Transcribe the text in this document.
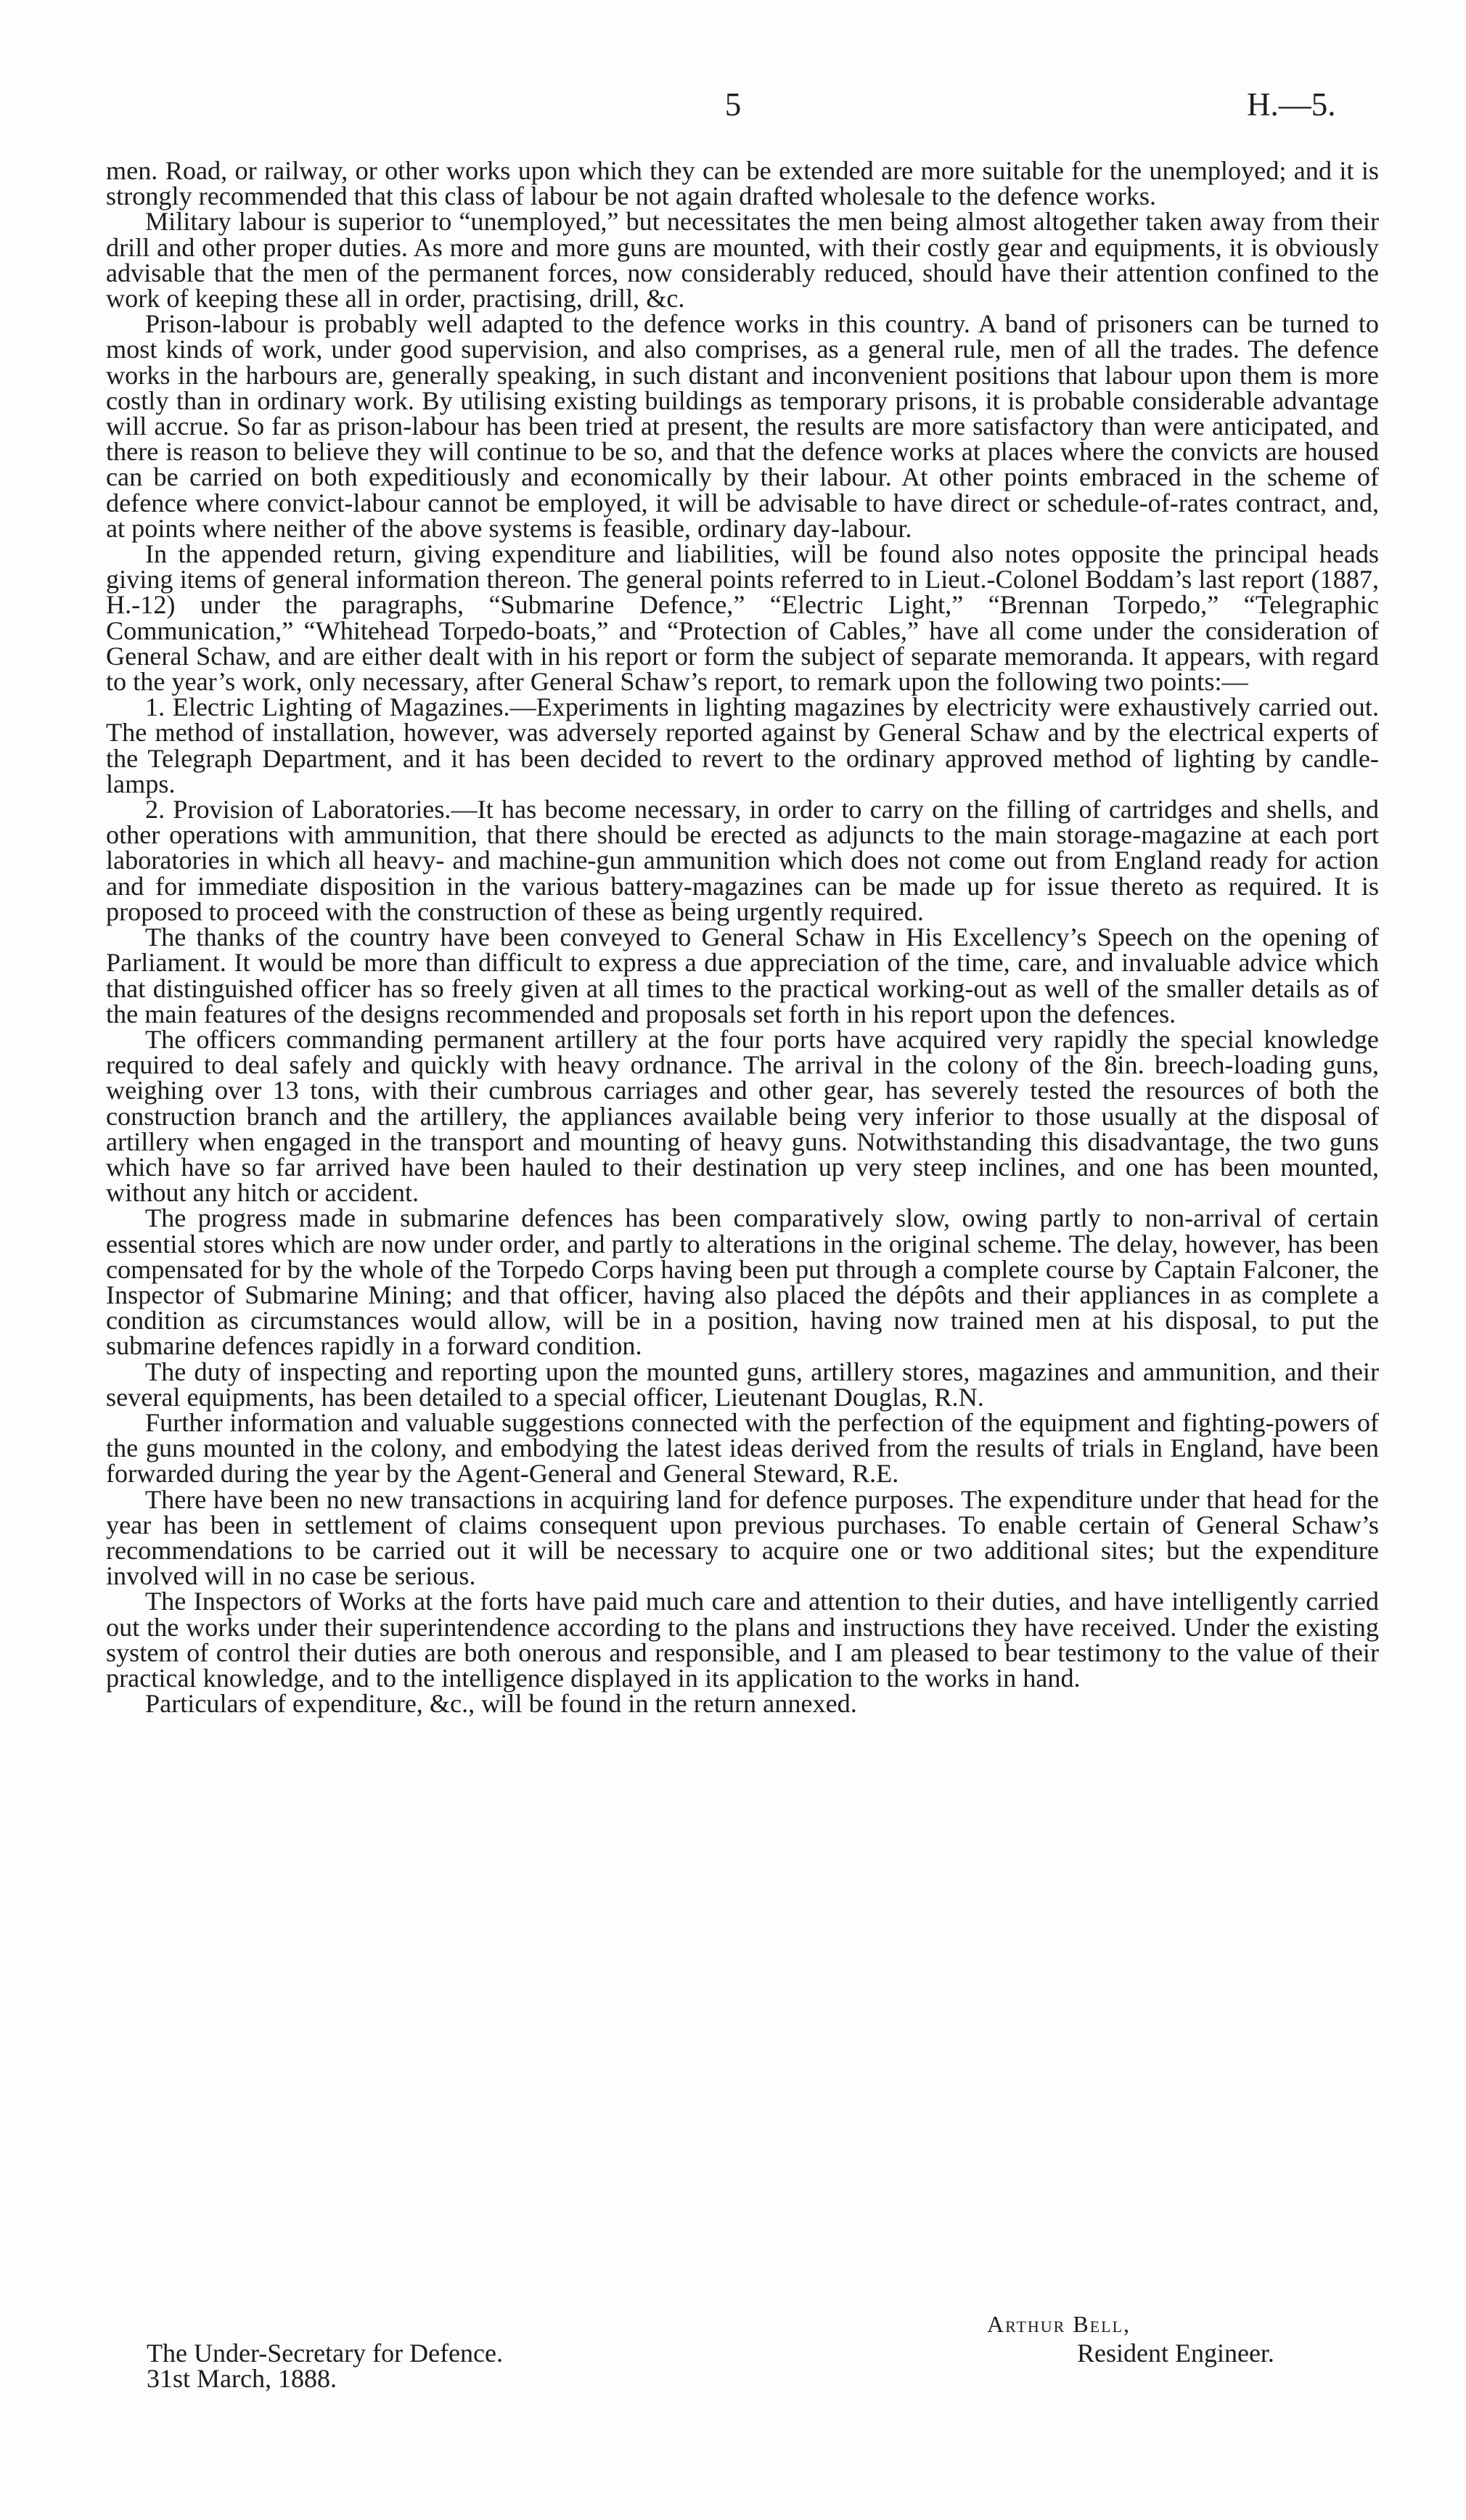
5	H.—5.

men. Road, or railway, or other works upon which they can be extended are more suitable for the unemployed; and it is strongly recommended that this class of labour be not again drafted wholesale to the defence works.

Military labour is superior to “unemployed,” but necessitates the men being almost altogether taken away from their drill and other proper duties. As more and more guns are mounted, with their costly gear and equipments, it is obviously advisable that the men of the permanent forces, now considerably reduced, should have their attention confined to the work of keeping these all in order, practising, drill, &c.

Prison-labour is probably well adapted to the defence works in this country. A band of prisoners can be turned to most kinds of work, under good supervision, and also comprises, as a general rule, men of all the trades. The defence works in the harbours are, generally speaking, in such distant and inconvenient positions that labour upon them is more costly than in ordinary work. By utilising existing buildings as temporary prisons, it is probable considerable advantage will accrue. So far as prison-labour has been tried at present, the results are more satisfactory than were anticipated, and there is reason to believe they will continue to be so, and that the defence works at places where the convicts are housed can be carried on both expeditiously and economically by their labour. At other points embraced in the scheme of defence where convict-labour cannot be employed, it will be advisable to have direct or schedule-of-rates contract, and, at points where neither of the above systems is feasible, ordinary day-labour.

In the appended return, giving expenditure and liabilities, will be found also notes opposite the principal heads giving items of general information thereon. The general points referred to in Lieut.-Colonel Boddam’s last report (1887, H.-12) under the paragraphs, “Submarine Defence,” “Electric Light,” “Brennan Torpedo,” “Telegraphic Communication,” “Whitehead Torpedo-boats,” and “Protection of Cables,” have all come under the consideration of General Schaw, and are either dealt with in his report or form the subject of separate memoranda. It appears, with regard to the year’s work, only necessary, after General Schaw’s report, to remark upon the following two points:—

1. Electric Lighting of Magazines.—Experiments in lighting magazines by electricity were exhaustively carried out. The method of installation, however, was adversely reported against by General Schaw and by the electrical experts of the Telegraph Department, and it has been decided to revert to the ordinary approved method of lighting by candle-lamps.

2. Provision of Laboratories.—It has become necessary, in order to carry on the filling of cartridges and shells, and other operations with ammunition, that there should be erected as adjuncts to the main storage-magazine at each port laboratories in which all heavy- and machine-gun ammunition which does not come out from England ready for action and for immediate disposition in the various battery-magazines can be made up for issue thereto as required. It is proposed to proceed with the construction of these as being urgently required.

The thanks of the country have been conveyed to General Schaw in His Excellency’s Speech on the opening of Parliament. It would be more than difficult to express a due appreciation of the time, care, and invaluable advice which that distinguished officer has so freely given at all times to the practical working-out as well of the smaller details as of the main features of the designs recommended and proposals set forth in his report upon the defences.

The officers commanding permanent artillery at the four ports have acquired very rapidly the special knowledge required to deal safely and quickly with heavy ordnance. The arrival in the colony of the 8in. breech-loading guns, weighing over 13 tons, with their cumbrous carriages and other gear, has severely tested the resources of both the construction branch and the artillery, the appliances available being very inferior to those usually at the disposal of artillery when engaged in the transport and mounting of heavy guns. Notwithstanding this disadvantage, the two guns which have so far arrived have been hauled to their destination up very steep inclines, and one has been mounted, without any hitch or accident.

The progress made in submarine defences has been comparatively slow, owing partly to non-arrival of certain essential stores which are now under order, and partly to alterations in the original scheme. The delay, however, has been compensated for by the whole of the Torpedo Corps having been put through a complete course by Captain Falconer, the Inspector of Submarine Mining; and that officer, having also placed the dépôts and their appliances in as complete a condition as circumstances would allow, will be in a position, having now trained men at his disposal, to put the submarine defences rapidly in a forward condition.

The duty of inspecting and reporting upon the mounted guns, artillery stores, magazines and ammunition, and their several equipments, has been detailed to a special officer, Lieutenant Douglas, R.N.

Further information and valuable suggestions connected with the perfection of the equipment and fighting-powers of the guns mounted in the colony, and embodying the latest ideas derived from the results of trials in England, have been forwarded during the year by the Agent-General and General Steward, R.E.

There have been no new transactions in acquiring land for defence purposes. The expenditure under that head for the year has been in settlement of claims consequent upon previous purchases. To enable certain of General Schaw’s recommendations to be carried out it will be necessary to acquire one or two additional sites; but the expenditure involved will in no case be serious.

The Inspectors of Works at the forts have paid much care and attention to their duties, and have intelligently carried out the works under their superintendence according to the plans and instructions they have received. Under the existing system of control their duties are both onerous and responsible, and I am pleased to bear testimony to the value of their practical knowledge, and to the intelligence displayed in its application to the works in hand.

Particulars of expenditure, &c., will be found in the return annexed.

Arthur Bell,
The Under-Secretary for Defence.	Resident Engineer.
31st March, 1888.
